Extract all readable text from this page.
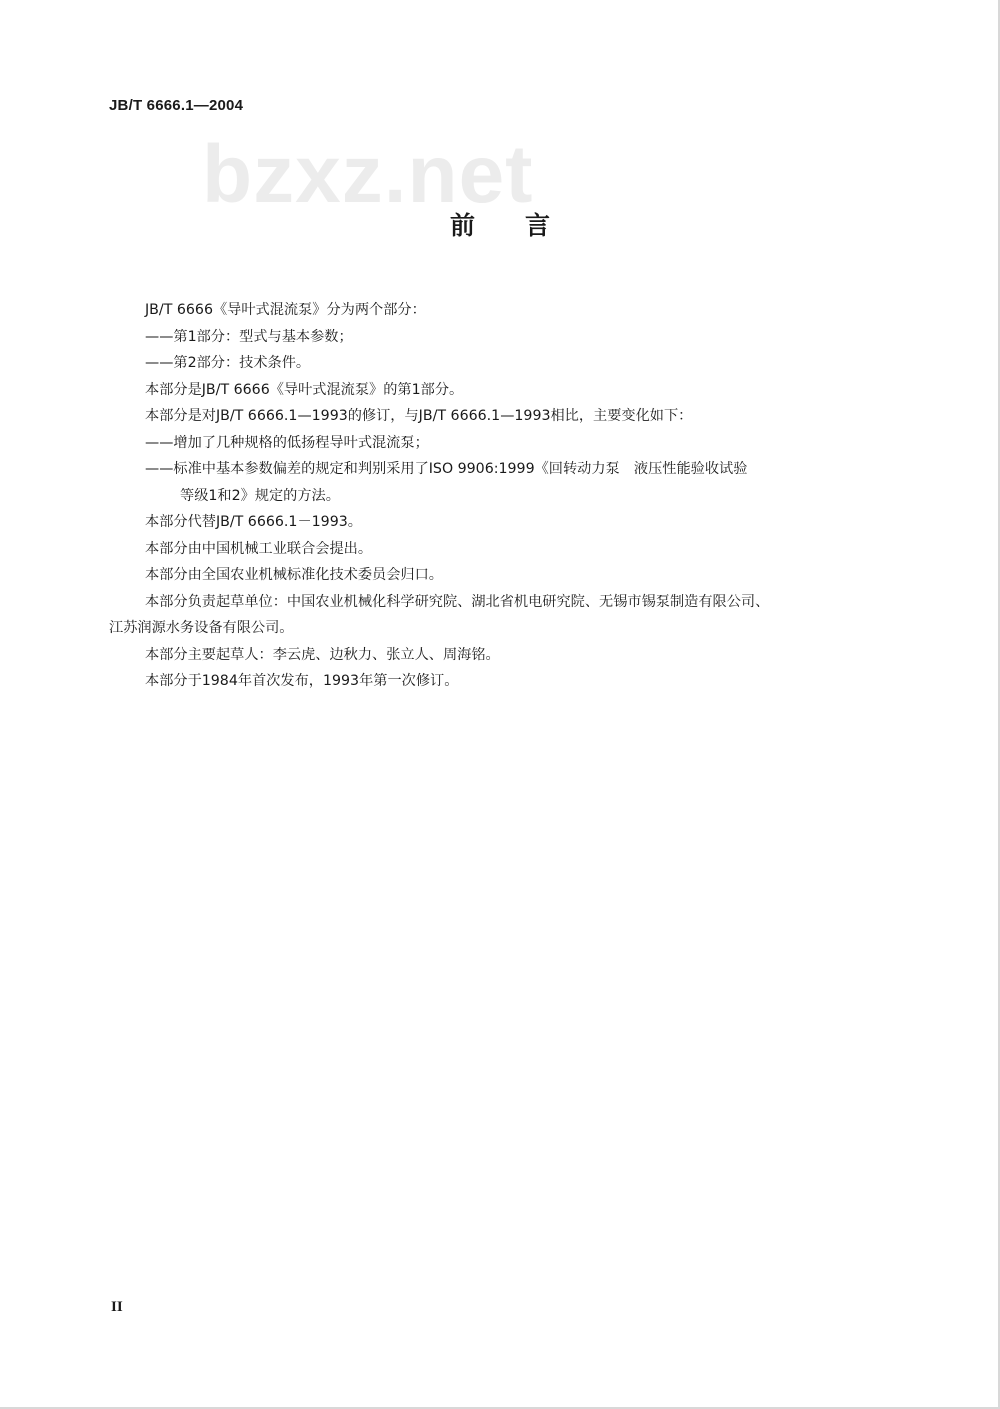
JB/T 6666.1—2004
bzxz.net
前言

JB/T 6666《导叶式混流泵》分为两个部分：

——第1部分：型式与基本参数；

——第2部分：技术条件。

本部分是JB/T 6666《导叶式混流泵》的第1部分。

本部分是对JB/T 6666.1—1993的修订，与JB/T 6666.1—1993相比，主要变化如下：

——增加了几种规格的低扬程导叶式混流泵；

——标准中基本参数偏差的规定和判别采用了ISO 9906:1999《回转动力泵　液压性能验收试验

等级1和2》规定的方法。

本部分代替JB/T 6666.1－1993。

本部分由中国机械工业联合会提出。

本部分由全国农业机械标准化技术委员会归口。

本部分负责起草单位：中国农业机械化科学研究院、湖北省机电研究院、无锡市锡泵制造有限公司、

江苏润源水务设备有限公司。

本部分主要起草人：李云虎、边秋力、张立人、周海铭。

本部分于1984年首次发布，1993年第一次修订。

II
